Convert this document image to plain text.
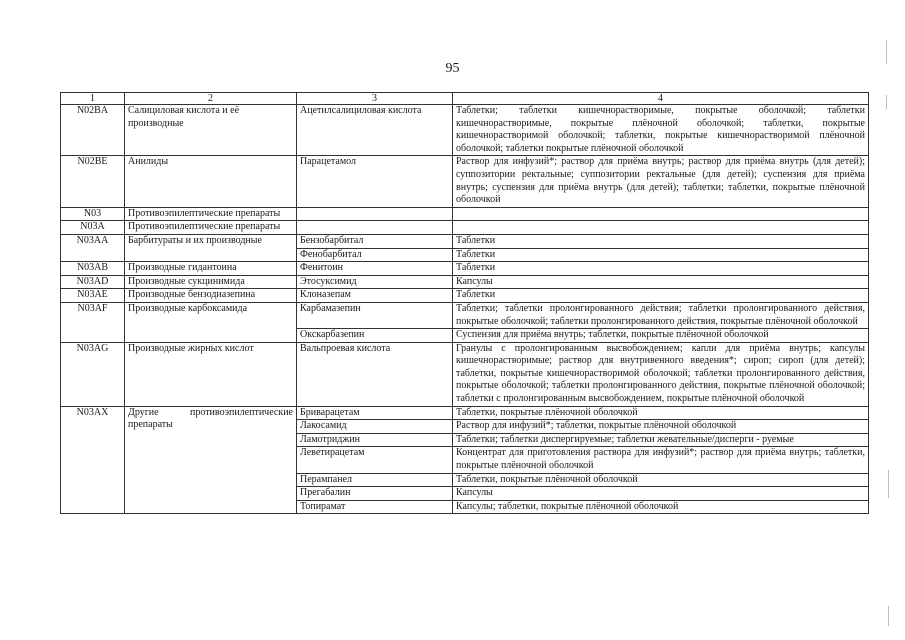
95
1	2	3	4
N02BA	Салициловая кислота и её производные	Ацетилсалициловая кислота	Таблетки; таблетки кишечнорастворимые, покрытые оболочкой; таблетки кишечнорастворимые, покрытые плёночной оболочкой; таблетки, покрытые кишечнорастворимой оболочкой; таблетки, покрытые кишечнорастворимой плёночной оболочкой; таблетки покрытые плёночной оболочкой
N02BE	Анилиды	Парацетамол	Раствор для инфузий*; раствор для приёма внутрь; раствор для приёма внутрь (для детей); суппозитории ректальные; суппозитории ректальные (для детей); суспензия для приёма внутрь; суспензия для приёма внутрь (для детей); таблетки; таблетки, покрытые плёночной оболочкой
N03	Противоэпилептические препараты		
N03A	Противоэпилептические препараты		
N03AA	Барбитураты и их производные	Бензобарбитал	Таблетки
		Фенобарбитал	Таблетки
N03AB	Производные гидантоина	Фенитоин	Таблетки
N03AD	Производные сукцинимида	Этосуксимид	Капсулы
N03AE	Производные бензодиазепина	Клоназепам	Таблетки
N03AF	Производные карбоксамида	Карбамазепин	Таблетки; таблетки пролонгированного действия; таблетки пролонгированного действия, покрытые оболочкой; таблетки пролонгированного действия, покрытые плёночной оболочкой
		Окскарбазепин	Суспензия для приёма внутрь; таблетки, покрытые плёночной оболочкой
N03AG	Производные жирных кислот	Вальпроевая кислота	Гранулы с пролонгированным высвобождением; капли для приёма внутрь; капсулы кишечнорастворимые; раствор для внутривенного введения*; сироп; сироп (для детей); таблетки, покрытые кишечнорастворимой оболочкой; таблетки пролонгированного действия, покрытые оболочкой; таблетки пролонгированного действия, покрытые плёночной оболочкой; таблетки с пролонгированным высвобождением, покрытые плёночной оболочкой
N03AX	Другие противоэпилептические препараты	Бриварацетам	Таблетки, покрытые плёночной оболочкой
		Лакосамид	Раствор для инфузий*; таблетки, покрытые плёночной оболочкой
		Ламотриджин	Таблетки; таблетки диспергируемые; таблетки жевательные/дисперги - руемые
		Леветирацетам	Концентрат для приготовления раствора для инфузий*; раствор для приёма внутрь; таблетки, покрытые плёночной оболочкой
		Перампанел	Таблетки, покрытые плёночной оболочкой
		Прегабалин	Капсулы
		Топирамат	Капсулы; таблетки, покрытые плёночной оболочкой
